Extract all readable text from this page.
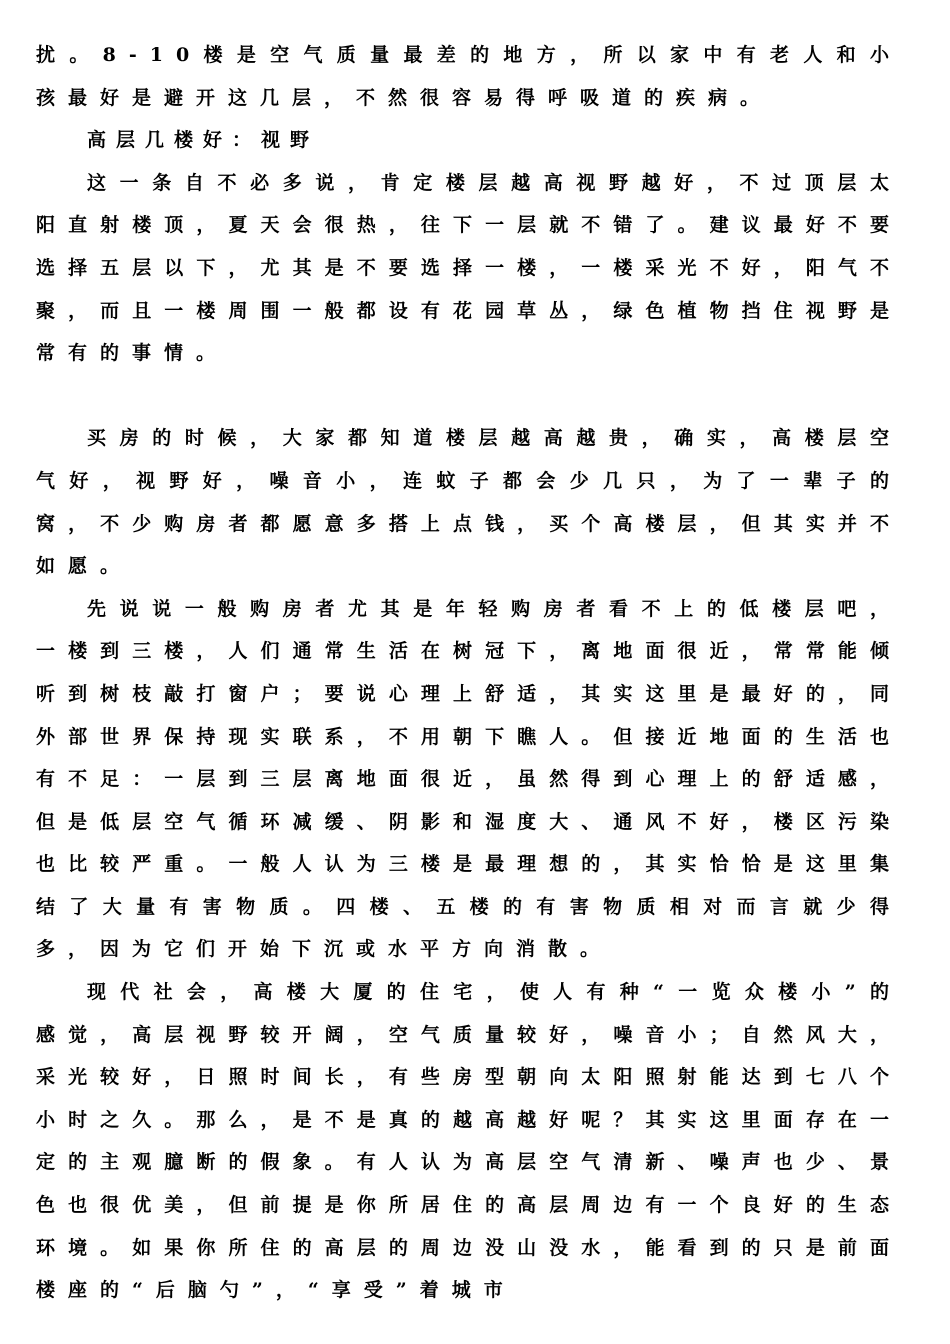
扰。8-10楼是空气质量最差的地方，所以家中有老人和小孩最好是避开这几层，不然很容易得呼吸道的疾病。

高层几楼好：视野

这一条自不必多说，肯定楼层越高视野越好，不过顶层太阳直射楼顶，夏天会很热，往下一层就不错了。建议最好不要选择五层以下，尤其是不要选择一楼，一楼采光不好，阳气不聚，而且一楼周围一般都设有花园草丛，绿色植物挡住视野是常有的事情。

买房的时候，大家都知道楼层越高越贵，确实，高楼层空气好，视野好，噪音小，连蚊子都会少几只，为了一辈子的窝，不少购房者都愿意多搭上点钱，买个高楼层，但其实并不如愿。

先说说一般购房者尤其是年轻购房者看不上的低楼层吧，一楼到三楼，人们通常生活在树冠下，离地面很近，常常能倾听到树枝敲打窗户；要说心理上舒适，其实这里是最好的，同外部世界保持现实联系，不用朝下瞧人。但接近地面的生活也有不足：一层到三层离地面很近，虽然得到心理上的舒适感，但是低层空气循环减缓、阴影和湿度大、通风不好，楼区污染也比较严重。一般人认为三楼是最理想的，其实恰恰是这里集结了大量有害物质。四楼、五楼的有害物质相对而言就少得多，因为它们开始下沉或水平方向消散。

现代社会，高楼大厦的住宅，使人有种“一览众楼小”的感觉，高层视野较开阔，空气质量较好，噪音小；自然风大，采光较好，日照时间长，有些房型朝向太阳照射能达到七八个小时之久。那么，是不是真的越高越好呢？其实这里面存在一定的主观臆断的假象。有人认为高层空气清新、噪声也少、景色也很优美，但前提是你所居住的高层周边有一个良好的生态环境。如果你所住的高层的周边没山没水，能看到的只是前面楼座的“后脑勺”，“享受”着城市
